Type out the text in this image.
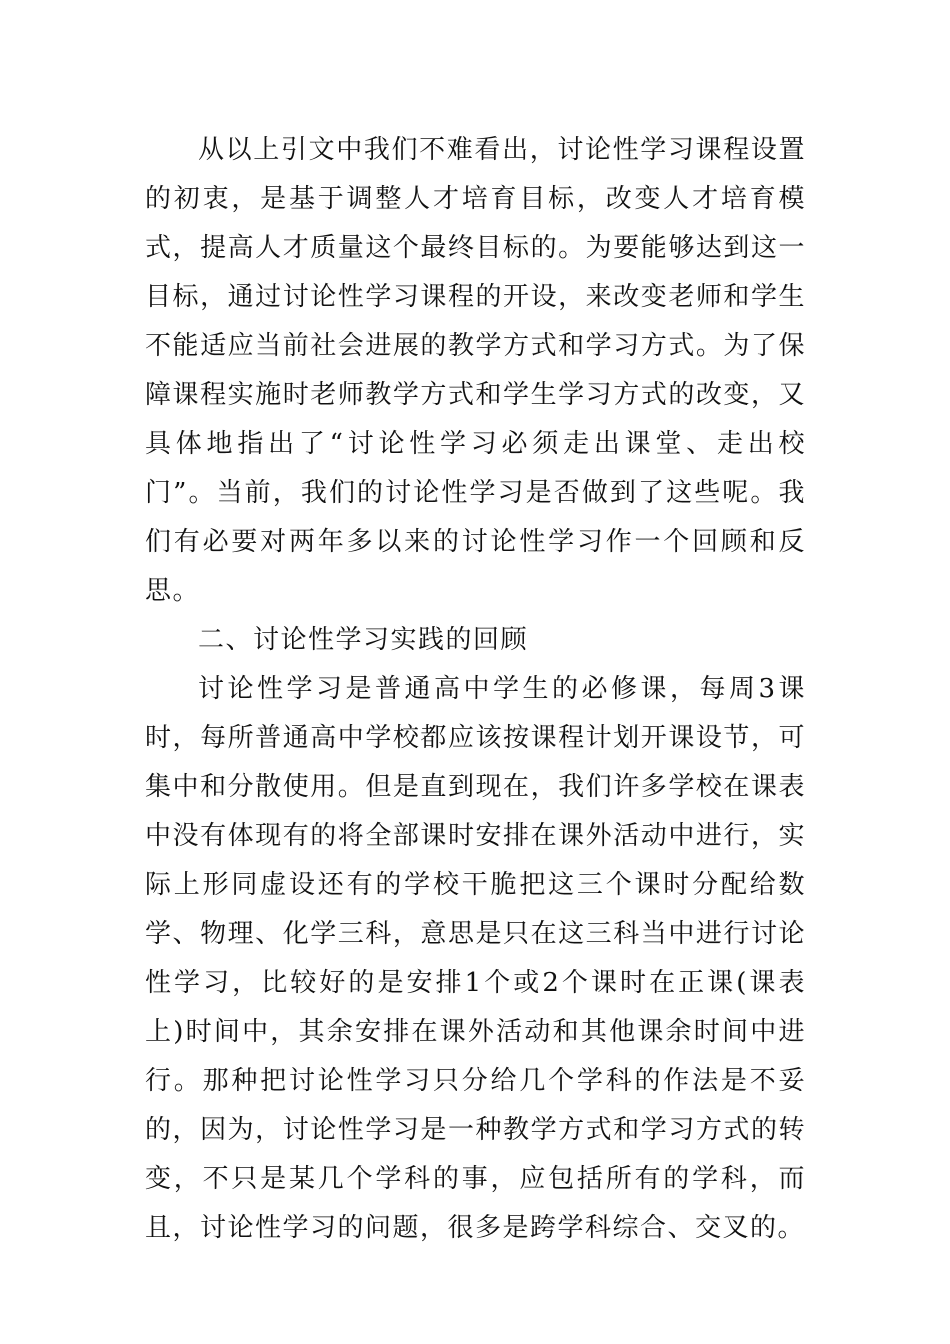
从以上引文中我们不难看出，讨论性学习课程设置的初衷，是基于调整人才培育目标，改变人才培育模式，提高人才质量这个最终目标的。为要能够达到这一目标，通过讨论性学习课程的开设，来改变老师和学生不能适应当前社会进展的教学方式和学习方式。为了保障课程实施时老师教学方式和学生学习方式的改变，又具体地指出了“讨论性学习必须走出课堂、走出校门”。当前，我们的讨论性学习是否做到了这些呢。我们有必要对两年多以来的讨论性学习作一个回顾和反思。

二、讨论性学习实践的回顾

讨论性学习是普通高中学生的必修课，每周3课时，每所普通高中学校都应该按课程计划开课设节，可集中和分散使用。但是直到现在，我们许多学校在课表中没有体现有的将全部课时安排在课外活动中进行，实际上形同虚设还有的学校干脆把这三个课时分配给数学、物理、化学三科，意思是只在这三科当中进行讨论性学习，比较好的是安排1个或2个课时在正课(课表上)时间中，其余安排在课外活动和其他课余时间中进行。那种把讨论性学习只分给几个学科的作法是不妥的，因为，讨论性学习是一种教学方式和学习方式的转变，不只是某几个学科的事，应包括所有的学科，而且，讨论性学习的问题，很多是跨学科综合、交叉的。
